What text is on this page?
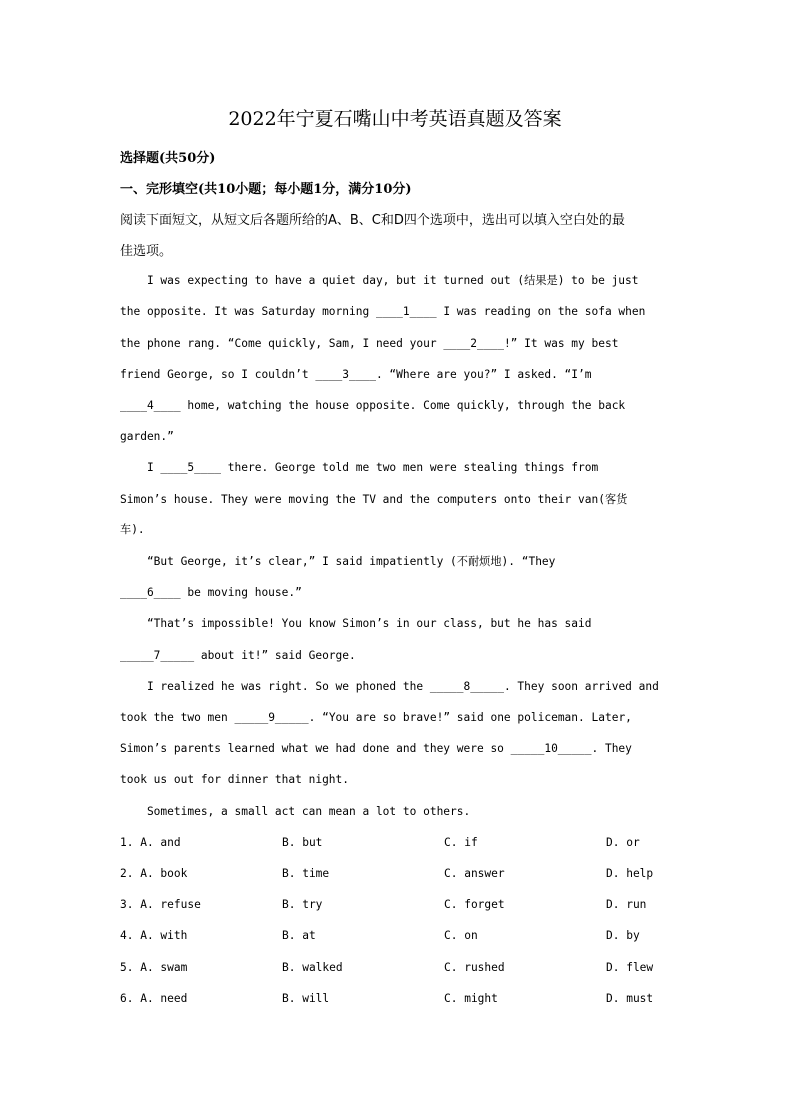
2022年宁夏石嘴山中考英语真题及答案
选择题(共50分)
一、完形填空(共10小题；每小题1分，满分10分)
阅读下面短文，从短文后各题所给的A、B、C和D四个选项中，选出可以填入空白处的最
佳选项。
I was expecting to have a quiet day, but it turned out (结果是) to be just
the opposite. It was Saturday morning ____1____ I was reading on the sofa when
the phone rang. “Come quickly, Sam, I need your ____2____!” It was my best
friend George, so I couldn’t ____3____. “Where are you?” I asked. “I’m
____4____ home, watching the house opposite. Come quickly, through the back
garden.”
I ____5____ there. George told me two men were stealing things from
Simon’s house. They were moving the TV and the computers onto their van(客货
车).
“But George, it’s clear,” I said impatiently (不耐烦地). “They
____6____ be moving house.”
“That’s impossible! You know Simon’s in our class, but he has said
_____7_____ about it!” said George.
I realized he was right. So we phoned the _____8_____. They soon arrived and
took the two men _____9_____. “You are so brave!” said one policeman. Later,
Simon’s parents learned what we had done and they were so _____10_____. They
took us out for dinner that night.
Sometimes, a small act can mean a lot to others.
1. A. and	B. but	C. if	D. or
2. A. book	B. time	C. answer	D. help
3. A. refuse	B. try	C. forget	D. run
4. A. with	B. at	C. on	D. by
5. A. swam	B. walked	C. rushed	D. flew
6. A. need	B. will	C. might	D. must
